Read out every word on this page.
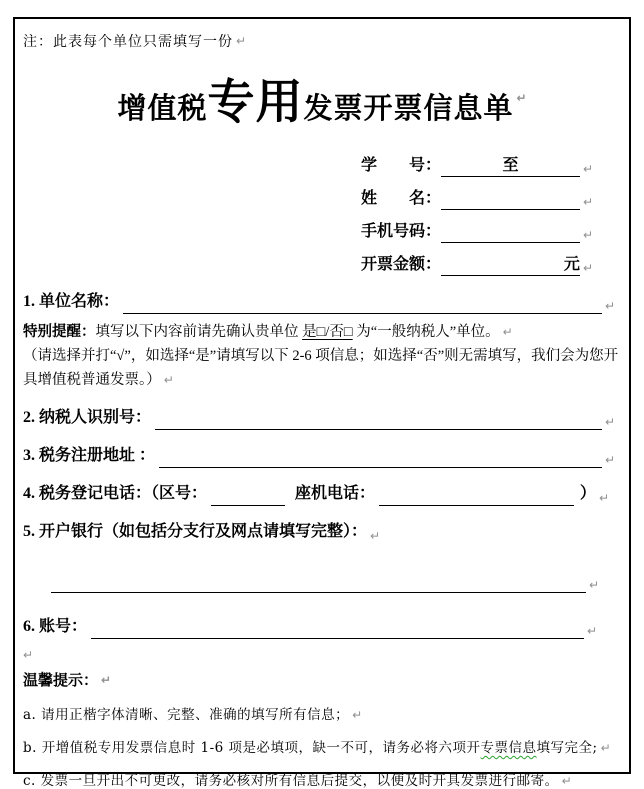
注：此表每个单位只需填写一份 ↵
增值税 专用 发票开票信息单 ↵
学　　号：	至	↵
姓　　名：	↵
手机号码：	↵
开票金额：	元 ↵
1. 单位名称：	↵
特别提醒：填写以下内容前请先确认贵单位 是□/否□ 为“一般纳税人”单位。 ↵
（请选择并打“√”，如选择“是”请填写以下 2-6 项信息；如选择“否”则无需填写，我们会为您开具增值税普通发票。） ↵
2. 纳税人识别号：	↵
3. 税务注册地址 ：	↵
4. 税务登记电话：（区号：	座机电话：	） ↵
5. 开户银行（如包括分支行及网点请填写完整）： ↵
↵
6. 账号：	↵
↵
温馨提示： ↵
a. 请用正楷字体清晰、完整、准确的填写所有信息； ↵
b. 开增值税专用发票信息时 1-6 项是必填项，缺一不可，请务必将六项开 专票信息 填写完全; ↵
c. 发票一旦开出不可更改，请务必核对所有信息后提交，以便及时开具发票进行邮寄。 ↵
